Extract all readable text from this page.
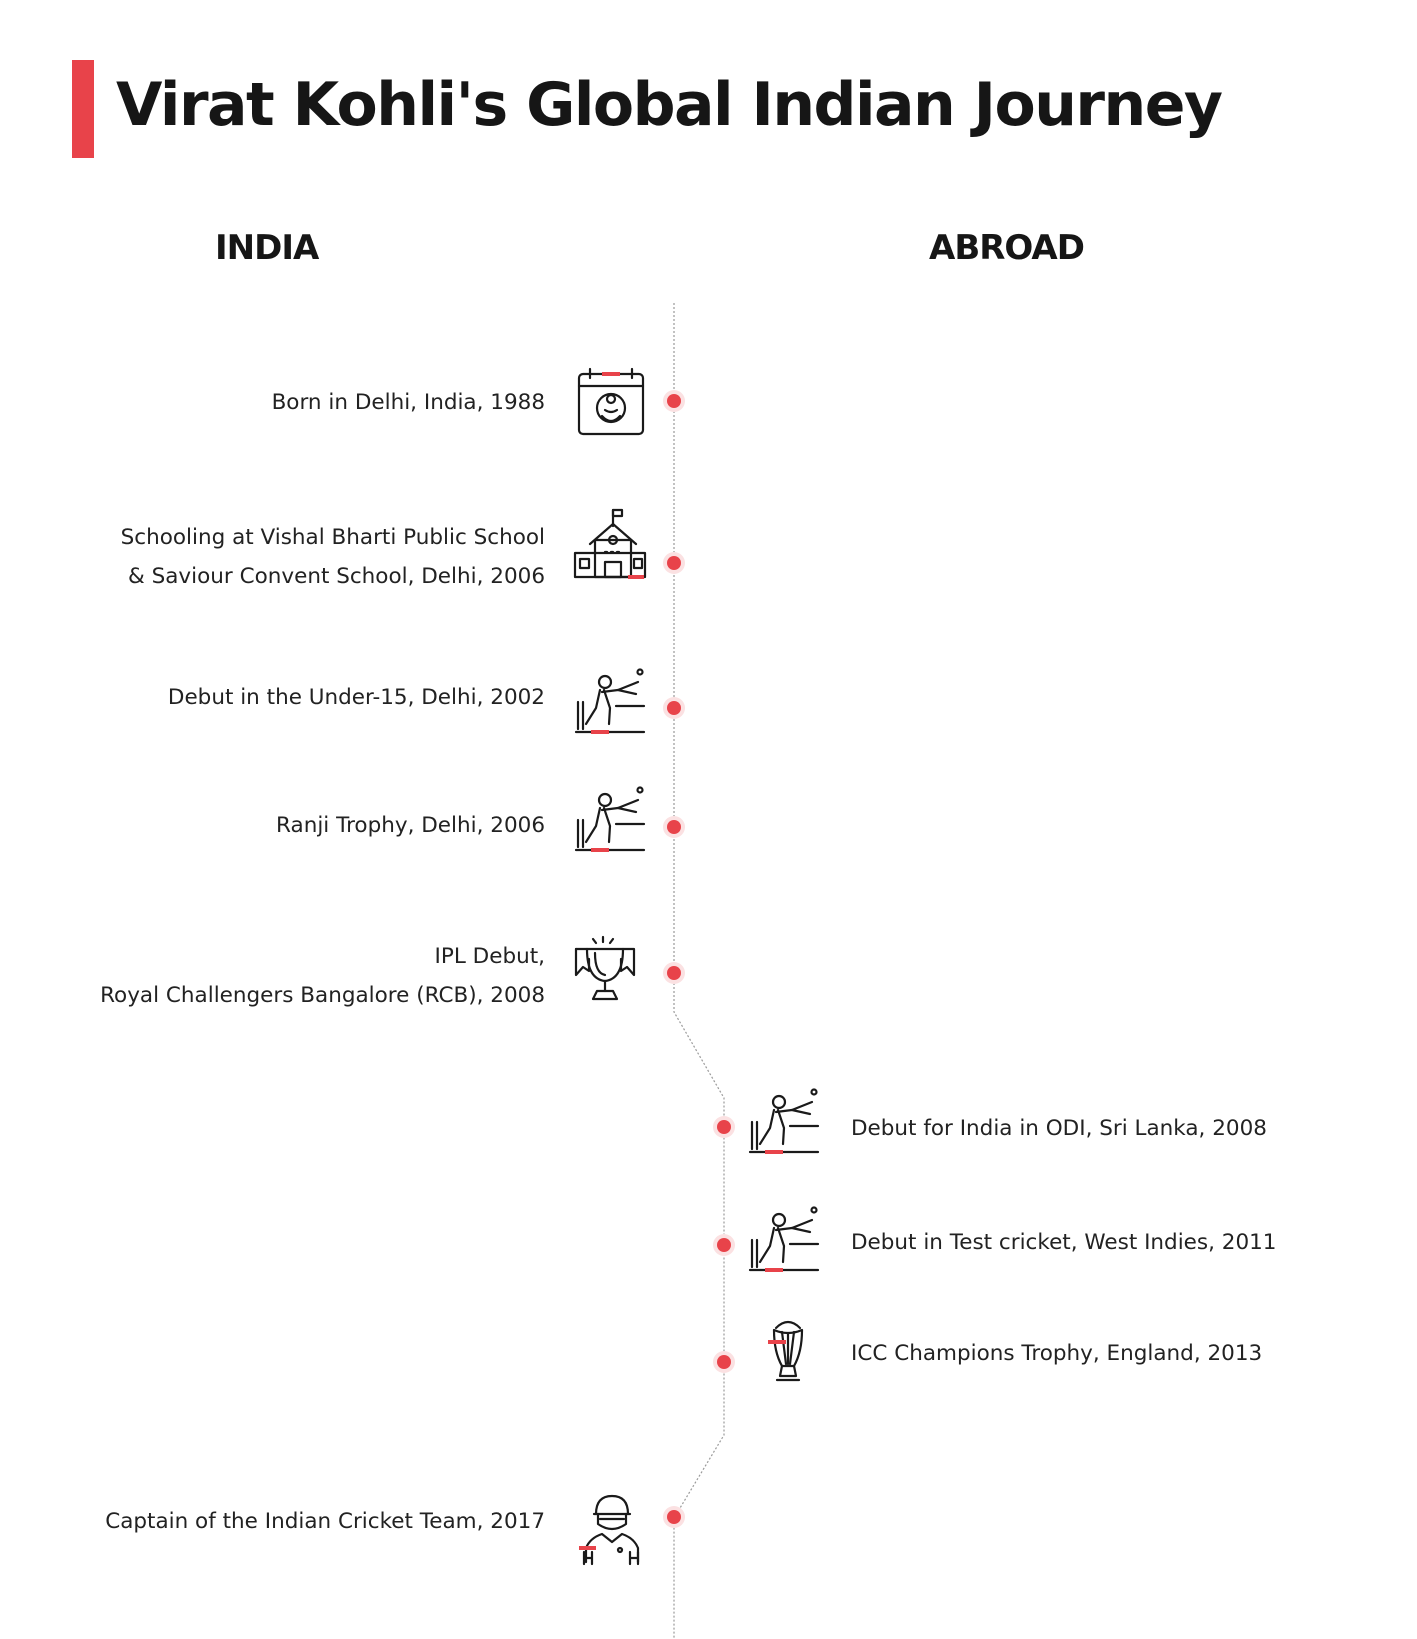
Virat Kohli's Global Indian Journey
INDIA	ABROAD
Born in Delhi, India, 1988
Schooling at Vishal Bharti Public School
& Saviour Convent School, Delhi, 2006
Debut in the Under-15, Delhi, 2002
Ranji Trophy, Delhi, 2006
IPL Debut,
Royal Challengers Bangalore (RCB), 2008
Debut for India in ODI, Sri Lanka, 2008
Debut in Test cricket, West Indies, 2011
ICC Champions Trophy, England, 2013
Captain of the Indian Cricket Team, 2017
